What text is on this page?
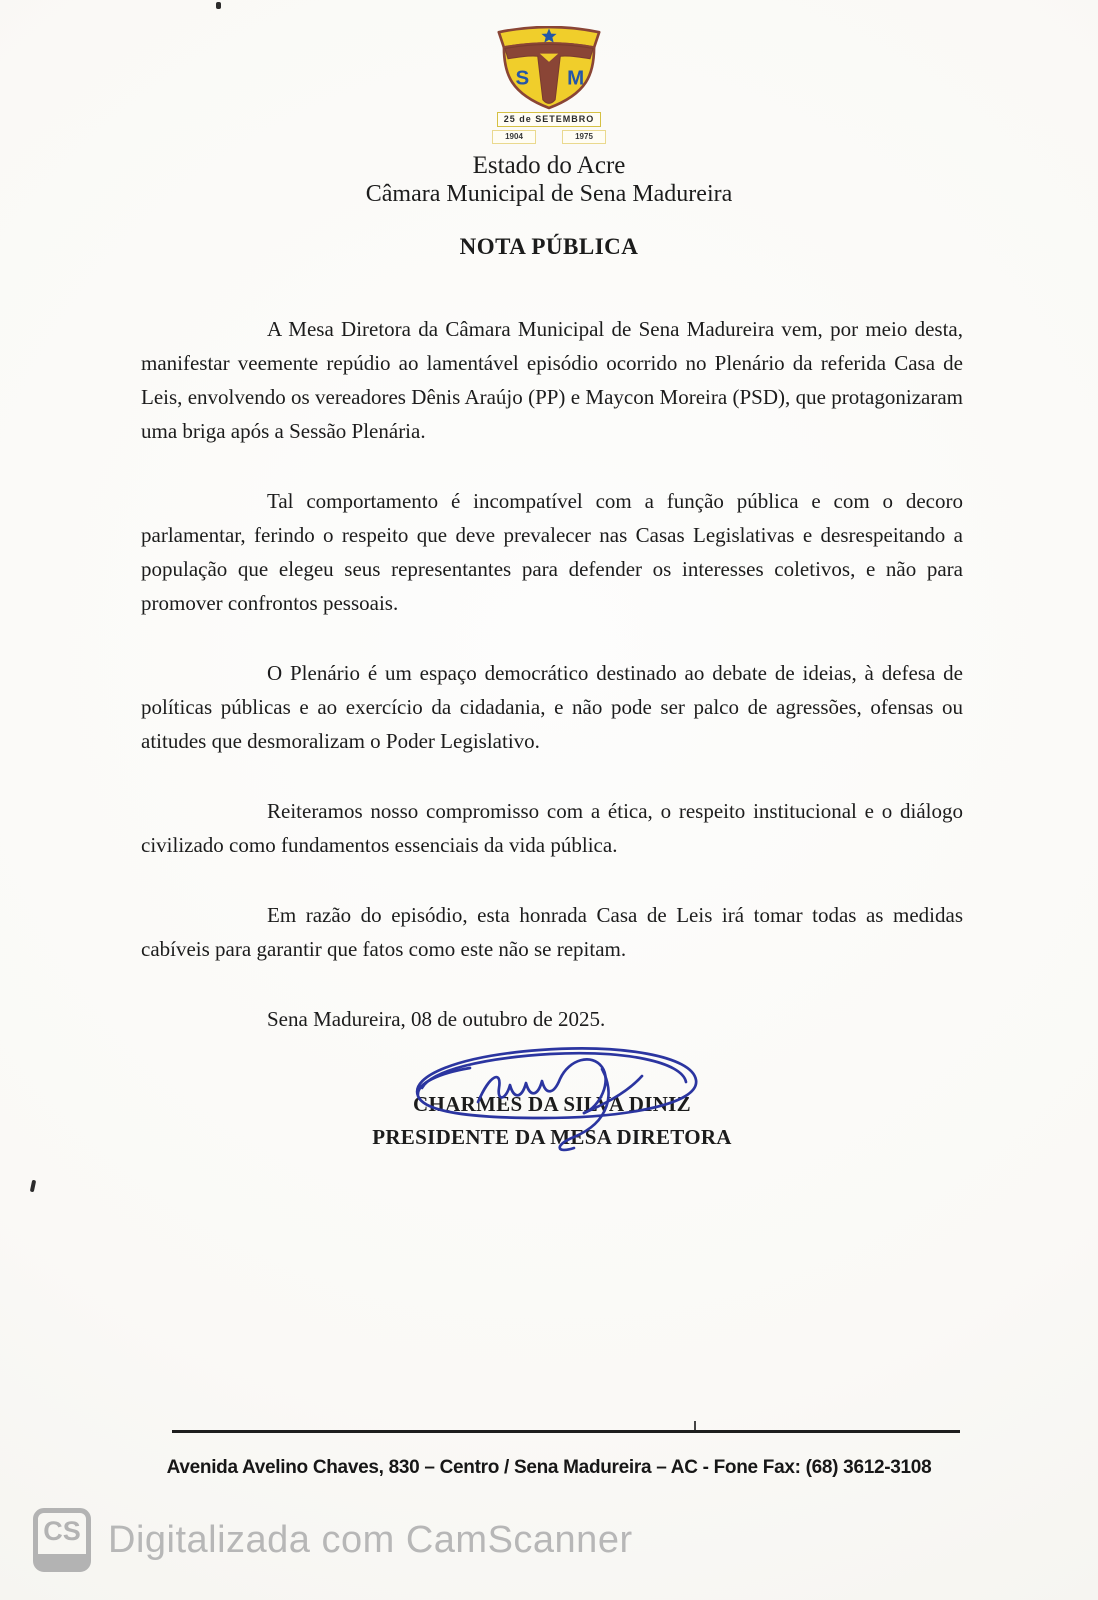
S M
25 de SETEMBRO
1904	1975
Estado do Acre
Câmara Municipal de Sena Madureira
NOTA PÚBLICA

A Mesa Diretora da Câmara Municipal de Sena Madureira vem, por meio desta, manifestar veemente repúdio ao lamentável episódio ocorrido no Plenário da referida Casa de Leis, envolvendo os vereadores Dênis Araújo (PP) e Maycon Moreira (PSD), que protagonizaram uma briga após a Sessão Plenária.

Tal comportamento é incompatível com a função pública e com o decoro parlamentar, ferindo o respeito que deve prevalecer nas Casas Legislativas e desrespeitando a população que elegeu seus representantes para defender os interesses coletivos, e não para promover confrontos pessoais.

O Plenário é um espaço democrático destinado ao debate de ideias, à defesa de políticas públicas e ao exercício da cidadania, e não pode ser palco de agressões, ofensas ou atitudes que desmoralizam o Poder Legislativo.

Reiteramos nosso compromisso com a ética, o respeito institucional e o diálogo civilizado como fundamentos essenciais da vida pública.

Em razão do episódio, esta honrada Casa de Leis irá tomar todas as medidas cabíveis para garantir que fatos como este não se repitam.

Sena Madureira, 08 de outubro de 2025.

CHARMES DA SILVA DINIZ
PRESIDENTE DA MESA DIRETORA
Avenida Avelino Chaves, 830 – Centro / Sena Madureira – AC - Fone Fax: (68) 3612-3108
CS Digitalizada com CamScanner
